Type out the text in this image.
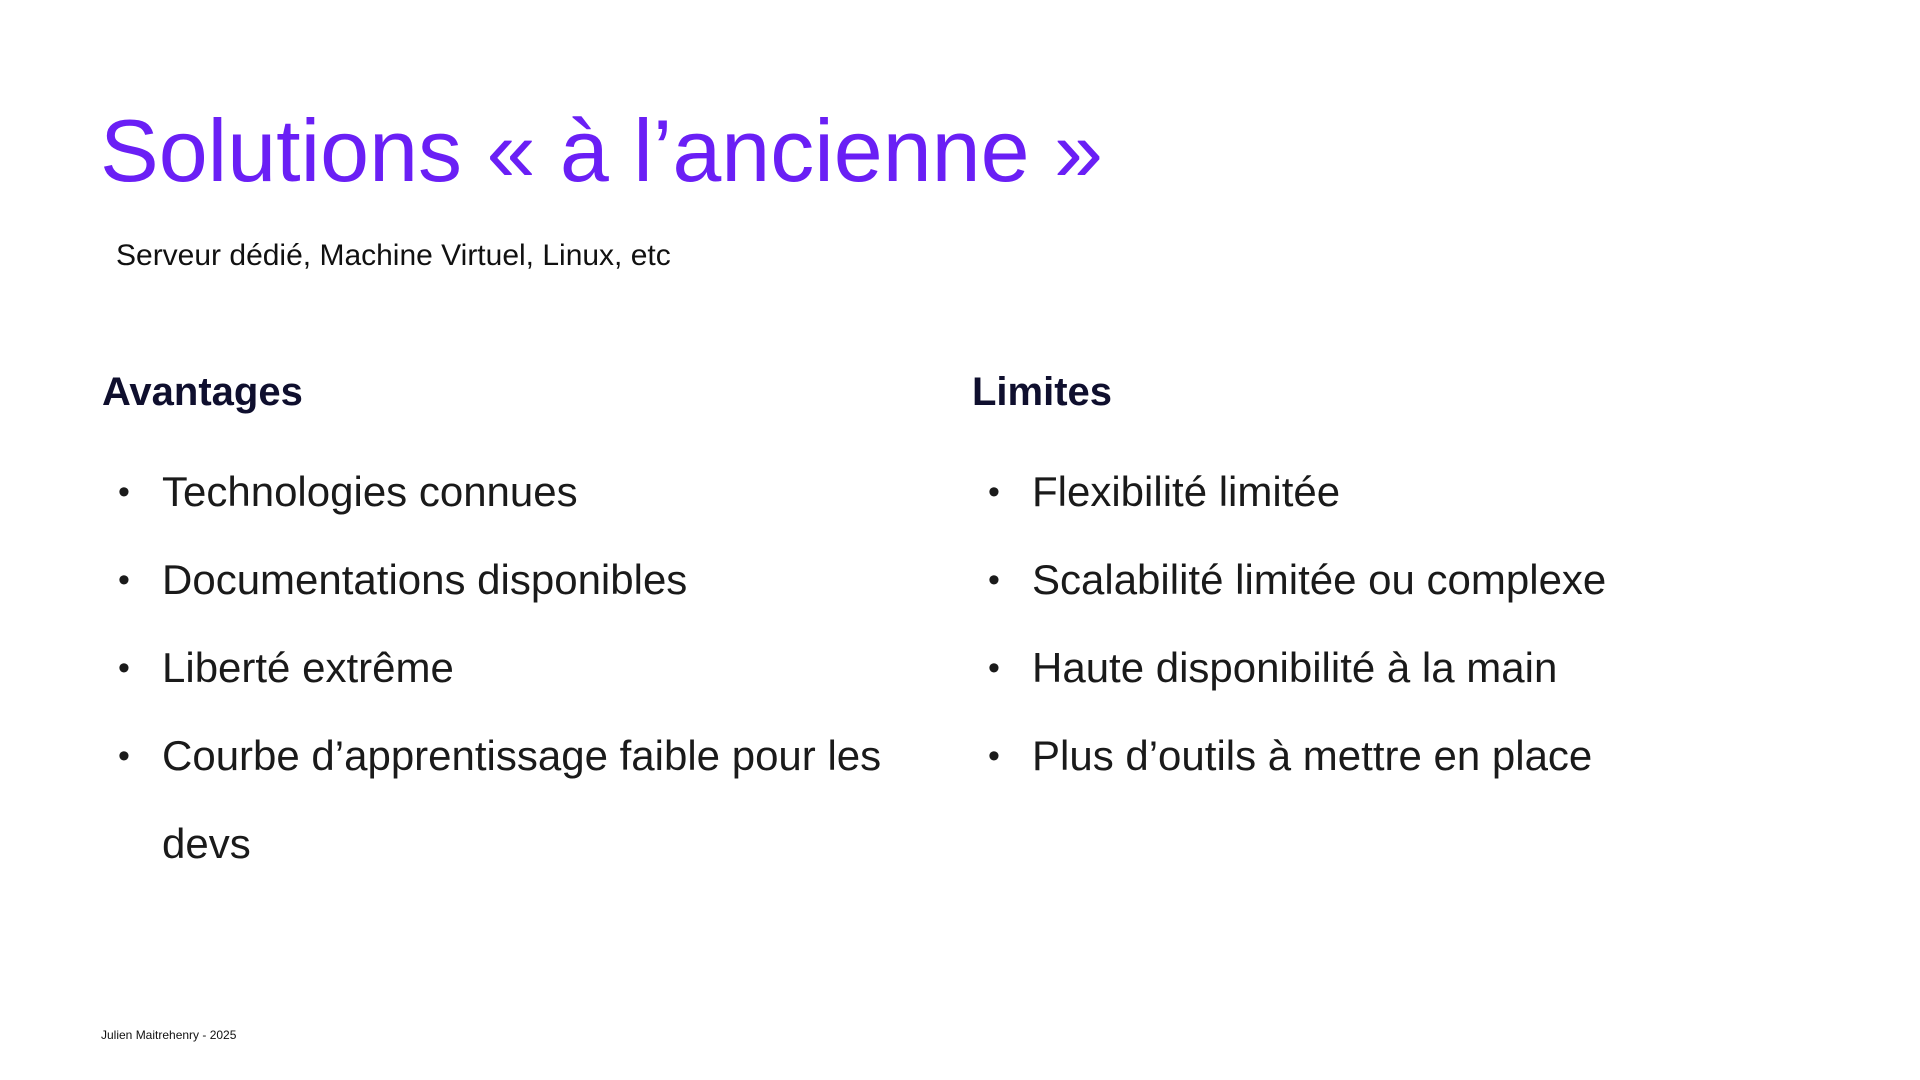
Solutions « à l’ancienne »
Serveur dédié, Machine Virtuel, Linux, etc
Avantages
• Technologies connues
• Documentations disponibles
• Liberté extrême
• Courbe d’apprentissage faible pour les devs
Limites
• Flexibilité limitée
• Scalabilité limitée ou complexe
• Haute disponibilité à la main
• Plus d’outils à mettre en place
Julien Maitrehenry - 2025
